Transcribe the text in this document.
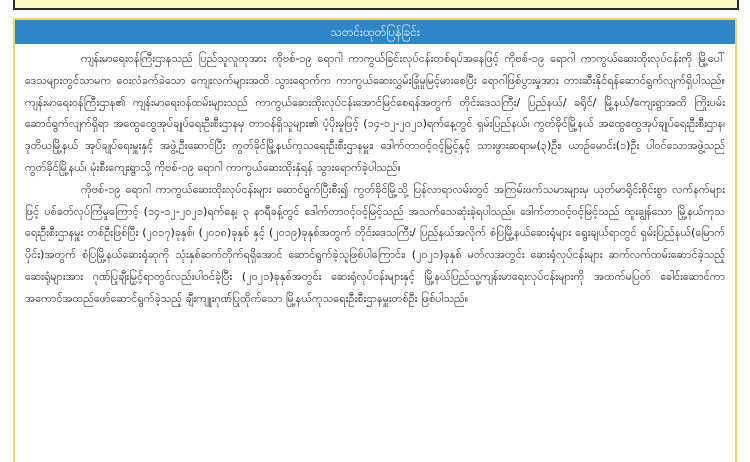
သတင်းထုတ်ပြန်ခြင်း

ကျန်းမာရေးဝန်ကြီးဌာနသည် ပြည်သူလူထုအား ကိုဗစ်-၁၉ ရောဂါ ကာကွယ်ခြင်းလုပ်ငန်းတစ်ရပ်အနေဖြင့် ကိုဗစ်-၁၉ ရောဂါ ကာကွယ်ဆေးထိုးလုပ်ငန်းကို မြို့ပေါ်ဒေသများတွင်သာမက ဝေးလံခက်ခဲသော ကျေးလက်များအထိ သွားရောက်က ကာကွယ်ဆေးလွှမ်းခြုံမှုမြင့်မားစေပြီး ရောဂါဖြစ်ပွားမှုအား တားဆီးနိုင်ရန်ဆောင်ရွက်လျက်ရှိပါသည်။ ကျန်းမာရေးဝန်ကြီးဌာန၏ ကျန်းမာရေးဝန်ထမ်းများသည် ကာကွယ်ဆေးထိုးလုပ်ငန်းအောင်မြင်စေရန်အတွက် တိုင်းဒေသကြီး/ ပြည်နယ်/ ခရိုင်/ မြို့နယ်/ကျေးရွာအထိ ကြိုးပမ်းဆောင်ရွက်လျက်ရှိရာ အထွေထွေအုပ်ချုပ်ရေးဦးစီးဌာနမှ တာဝန်ရှိသူများ၏ ပံ့ပိုးမှုဖြင့် (၁၄-၁၂-၂၀၂၁)ရက်နေ့တွင် ရှမ်းပြည်နယ်၊ ကွတ်ခိုင်မြို့နယ် အထွေထွေအုပ်ချုပ်ရေးဦးစီးဌာန၊ ဒုတိယမြို့နယ် အုပ်ချုပ်ရေးမှူးနှင့် အဖွဲ့ဦးဆောင်ပြီး ကွတ်ခိုင်မြို့နယ်ကုသရေးဦးစီးဌာနမှူး၊ ဒေါက်တာဝင့်ဝင့်မြင့်နှင့် သားဖွားဆရာမ(၃)ဦး၊ ယာဉ်မောင်း(၁)ဦး ပါဝင်သောအဖွဲ့သည် ကွတ်ခိုင်မြို့နယ်၊ မုံးစီးကျေးရွာသို့ ကိုဗစ်-၁၉ ရောဂါ ကာကွယ်ဆေးထိုးနှံရန် သွားရောက်ခဲ့ပါသည်။

ကိုဗစ်-၁၉ ရောဂါ ကာကွယ်ဆေးထိုးလုပ်ငန်းများ ဆောင်ရွက်ပြီးစီး၍ ကွတ်ခိုင်မြို့သို့ ပြန်လာရာလမ်းတွင် အကြမ်းဖက်သမားများမှ ယုတ်မာရိုင်းစိုင်းစွာ လက်နက်များဖြင့် ပစ်ခတ်လုပ်ကြံမှုကြောင့် (၁၄-၁၂-၂၀၂၁)ရက်နေ့၊ ၃ နာရီခန့်တွင် ဒေါက်တာဝင့်ဝင့်မြင့်သည် အသက်သေဆုံးခဲ့ရပါသည်။ ဒေါက်တာဝင့်ဝင့်မြင့်သည် ထူးချွန်သော မြို့နယ်ကုသရေးဦးစီးဌာနမှူး တစ်ဦးဖြစ်ပြီး (၂၀၁၇)ခုနှစ်၊ (၂၀၁၈)ခုနှစ် နှင့် (၂၀၁၉)ခုနှစ်အတွက် တိုင်းဒေသကြီး/ ပြည်နယ်အလိုက် စံပြမြို့နယ်ဆေးရုံများ ရွေးချယ်ရာတွင် ရှမ်းပြည်နယ်(မြောက်ပိုင်း)အတွက် စံပြမြို့နယ်ဆေးရုံဆုကို သုံးနှစ်ဆက်တိုက်ရရှိအောင် ဆောင်ရွက်ခဲ့သူဖြစ်ပါကြောင်း၊ (၂၀၂၁)ခုနှစ် မတ်လအတွင်း ဆေးရုံလုပ်ငန်းများ ဆက်လက်ထမ်းဆောင်ခဲ့သည့် ဆေးရုံများအား ဂုဏ်ပြုချီးမြှင့်ရာတွင်လည်းပါဝင်ခဲ့ပြီး (၂၀၂၁)ခုနှစ်အတွင်း ဆေးရုံလုပ်ငန်းများနှင့် မြို့နယ်ပြည်သူ့ကျန်းမာရေးလုပ်ငန်းများကို အထက်မပြတ် ခေါင်းဆောင်ကာ အကောင်အထည်ဖော်ဆောင်ရွက်ခဲ့သည့် ချီးကျူးဂုဏ်ပြုထိုက်သော မြို့နယ်ကုသရေးဦးစီးဌာနမှူးတစ်ဦး ဖြစ်ပါသည်။
